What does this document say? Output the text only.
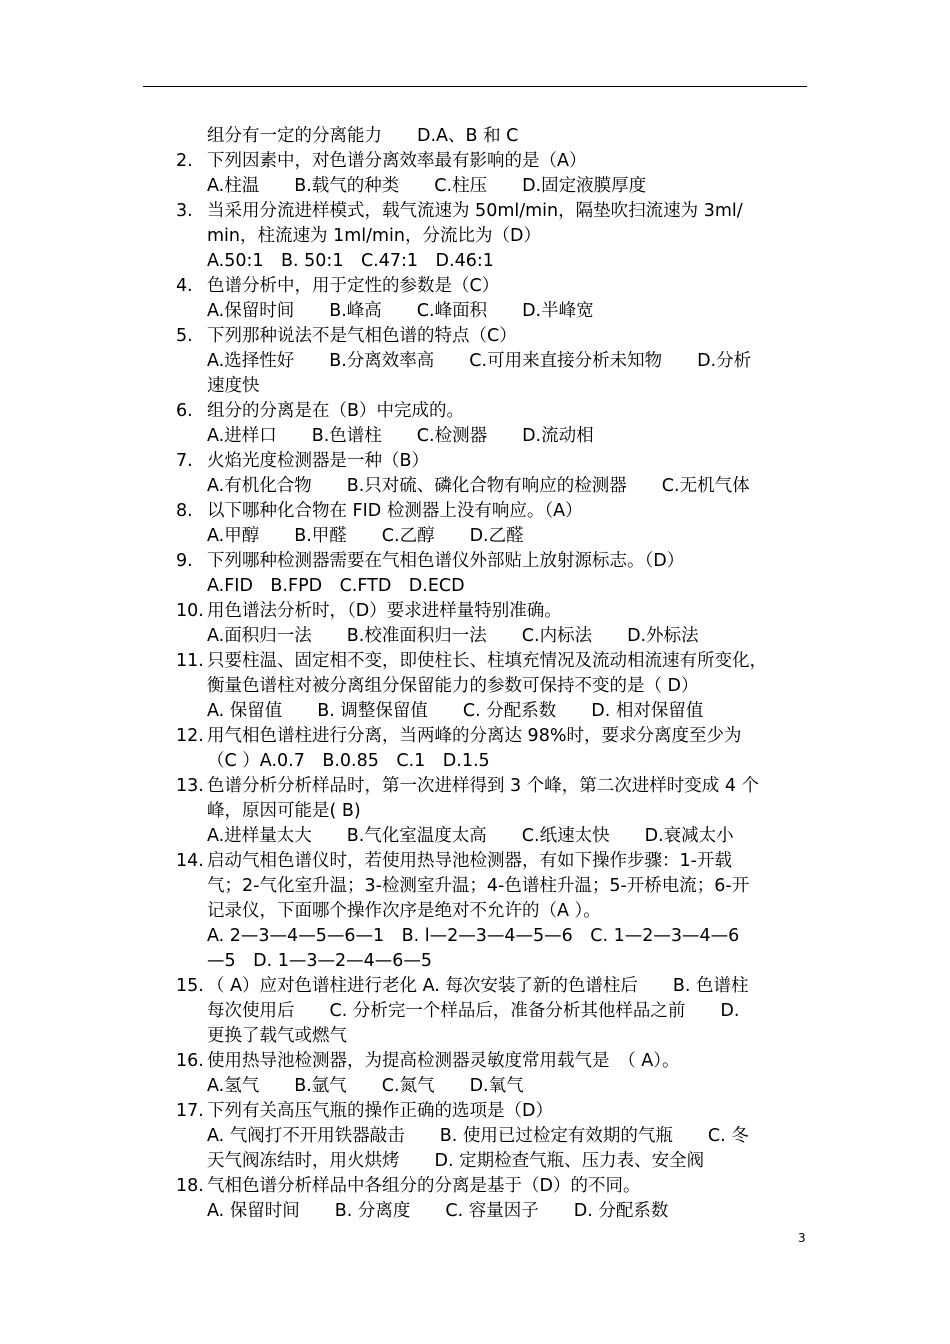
组分有一定的分离能力　　D.A、B 和 C
2. 下列因素中，对色谱分离效率最有影响的是（A）
A.柱温　　B.载气的种类　　C.柱压　　D.固定液膜厚度
3. 当采用分流进样模式，载气流速为 50ml/min，隔垫吹扫流速为 3ml/
min，柱流速为 1ml/min，分流比为（D）
A.50:1　B. 50:1　C.47:1　D.46:1
4. 色谱分析中，用于定性的参数是（C）
A.保留时间　　B.峰高　　C.峰面积　　D.半峰宽
5. 下列那种说法不是气相色谱的特点（C）
A.选择性好　　B.分离效率高　　C.可用来直接分析未知物　　D.分析
速度快
6. 组分的分离是在（B）中完成的。
A.进样口　　B.色谱柱　　C.检测器　　D.流动相
7. 火焰光度检测器是一种（B）
A.有机化合物　　B.只对硫、磷化合物有响应的检测器　　C.无机气体
8. 以下哪种化合物在 FID 检测器上没有响应。（A）
A.甲醇　　B.甲醛　　C.乙醇　　D.乙醛
9. 下列哪种检测器需要在气相色谱仪外部贴上放射源标志。（D）
A.FID　B.FPD　C.FTD　D.ECD
10. 用色谱法分析时，（D）要求进样量特别准确。
A.面积归一法　　B.校准面积归一法　　C.内标法　　D.外标法
11. 只要柱温、固定相不变，即使柱长、柱填充情况及流动相流速有所变化，
衡量色谱柱对被分离组分保留能力的参数可保持不变的是（ D）
A. 保留值　　B. 调整保留值　　C. 分配系数　　D. 相对保留值
12. 用气相色谱柱进行分离，当两峰的分离达 98%时，要求分离度至少为
（C ）A.0.7　B.0.85　C.1　D.1.5
13. 色谱分析分析样品时，第一次进样得到 3 个峰，第二次进样时变成 4 个
峰，原因可能是( B)
A.进样量太大　　B.气化室温度太高　　C.纸速太快　　D.衰减太小
14. 启动气相色谱仪时，若使用热导池检测器，有如下操作步骤：1-开载
气；2-气化室升温；3-检测室升温；4-色谱柱升温；5-开桥电流；6-开
记录仪，下面哪个操作次序是绝对不允许的（A ）。
A. 2—3—4—5—6—1　B. l—2—3—4—5—6　C. 1—2—3—4—6
—5　D. 1—3—2—4—6—5
15. （ A）应对色谱柱进行老化 A. 每次安装了新的色谱柱后　　B. 色谱柱
每次使用后　　C. 分析完一个样品后，准备分析其他样品之前　　D.
更换了载气或燃气
16. 使用热导池检测器，为提高检测器灵敏度常用载气是　（ A）。
A.氢气　　B.氩气　　C.氮气　　D.氧气
17. 下列有关高压气瓶的操作正确的选项是（D）
A. 气阀打不开用铁器敲击　　B. 使用已过检定有效期的气瓶　　C. 冬
天气阀冻结时，用火烘烤　　D. 定期检查气瓶、压力表、安全阀
18. 气相色谱分析样品中各组分的分离是基于（D）的不同。
A. 保留时间　　B. 分离度　　C. 容量因子　　D. 分配系数
3
